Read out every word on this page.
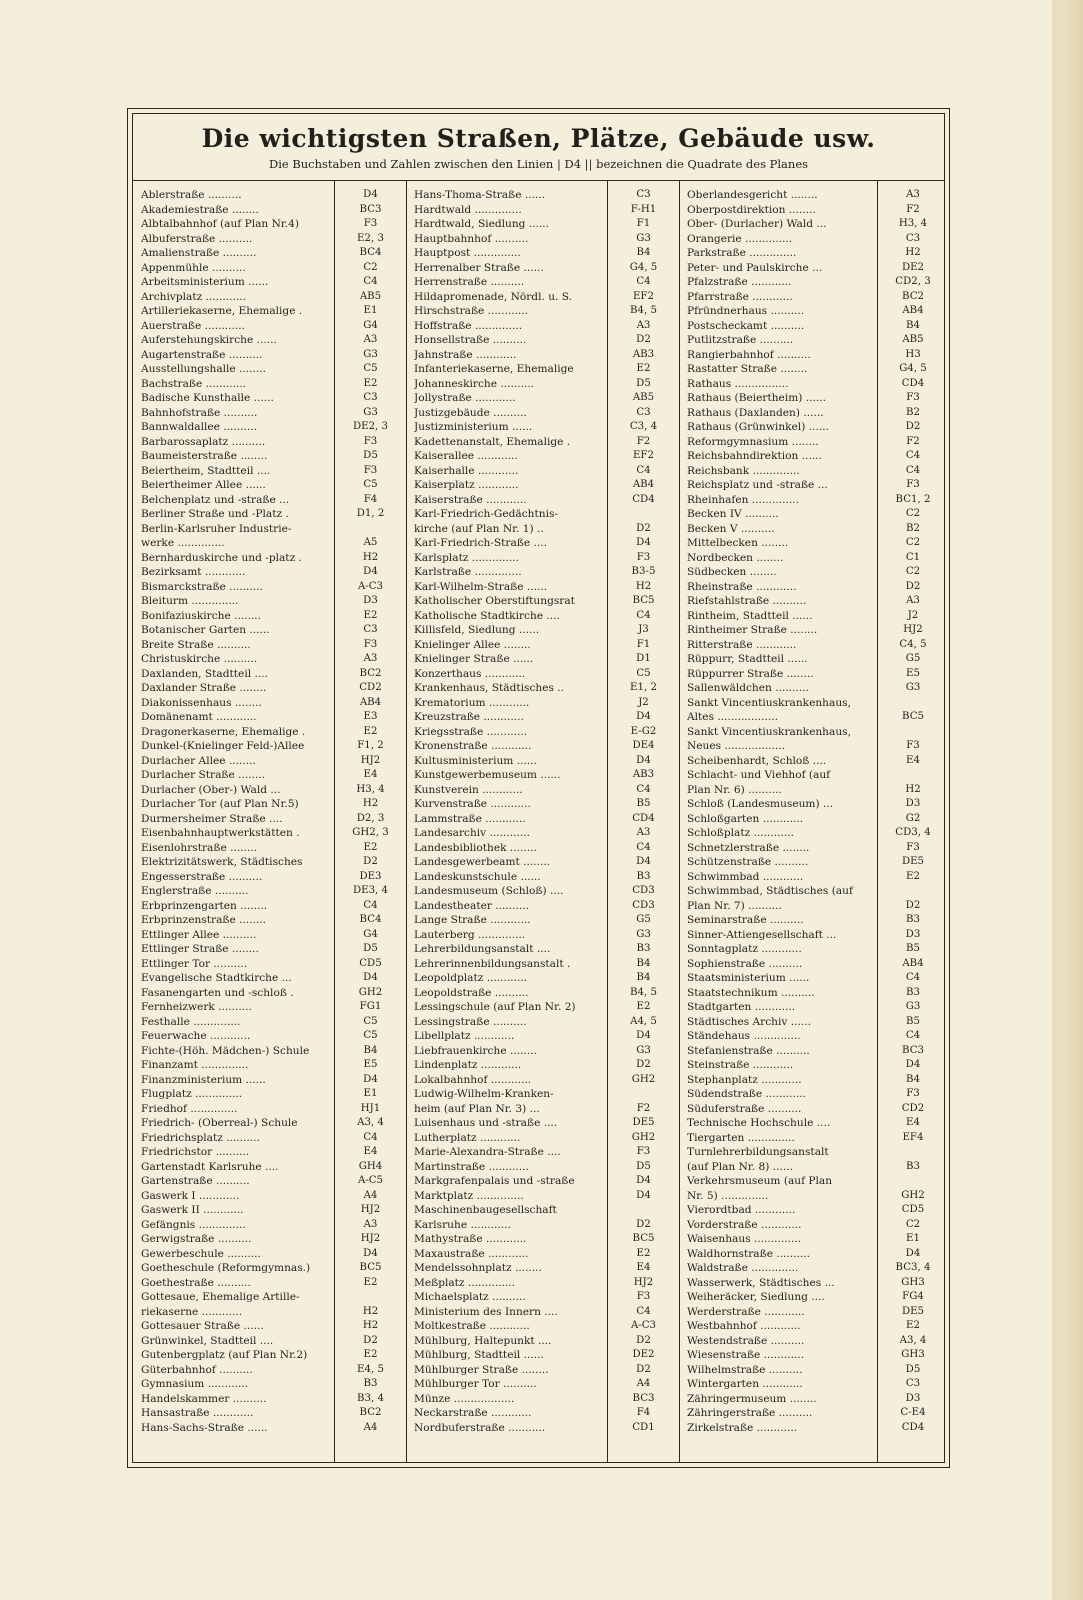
Die wichtigsten Straßen, Plätze, Gebäude usw.
Die Buchstaben und Zahlen zwischen den Linien | D4 || bezeichnen die Quadrate des Planes
Ablerstraße ..........
Akademiestraße ........
Albtalbahnhof (auf Plan Nr.4)
Albuferstraße ..........
Amalienstraße ..........
Appenmühle ..........
Arbeitsministerium ......
Archivplatz ............
Artilleriekaserne, Ehemalige .
Auerstraße ............
Auferstehungskirche ......
Augartenstraße ..........
Ausstellungshalle ........
Bachstraße ............
Badische Kunsthalle ......
Bahnhofstraße ..........
Bannwaldallee ..........
Barbarossaplatz ..........
Baumeisterstraße ........
Beiertheim, Stadtteil ....
Beiertheimer Allee ......
Belchenplatz und -straße ...
Berliner Straße und -Platz .
Berlin-Karlsruher Industrie-
werke ..............
Bernharduskirche und -platz .
Bezirksamt ............
Bismarckstraße ..........
Bleiturm ..............
Bonifaziuskirche ........
Botanischer Garten ......
Breite Straße ..........
Christuskirche ..........
Daxlanden, Stadtteil ....
Daxlander Straße ........
Diakonissenhaus ........
Domänenamt ............
Dragonerkaserne, Ehemalige .
Dunkel-(Knielinger Feld-)Allee
Durlacher Allee ........
Durlacher Straße ........
Durlacher (Ober-) Wald ...
Durlacher Tor (auf Plan Nr.5)
Durmersheimer Straße ....
Eisenbahnhauptwerkstätten .
Eisenlohrstraße ........
Elektrizitätswerk, Städtisches
Engesserstraße ..........
Englerstraße ..........
Erbprinzengarten ........
Erbprinzenstraße ........
Ettlinger Allee ..........
Ettlinger Straße ........
Ettlinger Tor ..........
Evangelische Stadtkirche ...
Fasanengarten und -schloß .
Fernheizwerk ..........
Festhalle ..............
Feuerwache ............
Fichte-(Höh. Mädchen-) Schule
Finanzamt ..............
Finanzministerium ......
Flugplatz ..............
Friedhof ..............
Friedrich- (Oberreal-) Schule
Friedrichsplatz ..........
Friedrichstor ..........
Gartenstadt Karlsruhe ....
Gartenstraße ..........
Gaswerk I ............
Gaswerk II ............
Gefängnis ..............
Gerwigstraße ..........
Gewerbeschule ..........
Goetheschule (Reformgymnas.)
Goethestraße ..........
Gottesaue, Ehemalige Artille-
riekaserne ............
Gottesauer Straße ......
Grünwinkel, Stadtteil ....
Gutenbergplatz (auf Plan Nr.2)
Güterbahnhof ..........
Gymnasium ............
Handelskammer ..........
Hansastraße ............
Hans-Sachs-Straße ......
D4
BC3
F3
E2, 3
BC4
C2
C4
AB5
E1
G4
A3
G3
C5
E2
C3
G3
DE2, 3
F3
D5
F3
C5
F4
D1, 2
A5
H2
D4
A-C3
D3
E2
C3
F3
A3
BC2
CD2
AB4
E3
E2
F1, 2
HJ2
E4
H3, 4
H2
D2, 3
GH2, 3
E2
D2
DE3
DE3, 4
C4
BC4
G4
D5
CD5
D4
GH2
FG1
C5
C5
B4
E5
D4
E1
HJ1
A3, 4
C4
E4
GH4
A-C5
A4
HJ2
A3
HJ2
D4
BC5
E2
H2
H2
D2
E2
E4, 5
B3
B3, 4
BC2
A4
Hans-Thoma-Straße ......
Hardtwald ..............
Hardtwald, Siedlung ......
Hauptbahnhof ..........
Hauptpost ..............
Herrenalber Straße ......
Herrenstraße ..........
Hildapromenade, Nördl. u. S.
Hirschstraße ............
Hoffstraße ..............
Honsellstraße ..........
Jahnstraße ............
Infanteriekaserne, Ehemalige
Johanneskirche ..........
Jollystraße ............
Justizgebäude ..........
Justizministerium ......
Kadettenanstalt, Ehemalige .
Kaiserallee ............
Kaiserhalle ............
Kaiserplatz ............
Kaiserstraße ............
Karl-Friedrich-Gedächtnis-
kirche (auf Plan Nr. 1) ..
Karl-Friedrich-Straße ....
Karlsplatz ..............
Karlstraße ..............
Karl-Wilhelm-Straße ......
Katholischer Oberstiftungsrat
Katholische Stadtkirche ....
Killisfeld, Siedlung ......
Knielinger Allee ........
Knielinger Straße ......
Konzerthaus ............
Krankenhaus, Städtisches ..
Krematorium ............
Kreuzstraße ............
Kriegsstraße ............
Kronenstraße ............
Kultusministerium ......
Kunstgewerbemuseum ......
Kunstverein ............
Kurvenstraße ............
Lammstraße ............
Landesarchiv ............
Landesbibliothek ........
Landesgewerbeamt ........
Landeskunstschule ......
Landesmuseum (Schloß) ....
Landestheater ..........
Lange Straße ............
Lauterberg ..............
Lehrerbildungsanstalt ....
Lehrerinnenbildungsanstalt .
Leopoldplatz ............
Leopoldstraße ..........
Lessingschule (auf Plan Nr. 2)
Lessingstraße ..........
Libellplatz ............
Liebfrauenkirche ........
Lindenplatz ............
Lokalbahnhof ............
Ludwig-Wilhelm-Kranken-
heim (auf Plan Nr. 3) ...
Luisenhaus und -straße ....
Lutherplatz ............
Marie-Alexandra-Straße ....
Martinstraße ............
Markgrafenpalais und -straße
Marktplatz ..............
Maschinenbaugesellschaft
Karlsruhe ............
Mathystraße ............
Maxaustraße ............
Mendelssohnplatz ........
Meßplatz ..............
Michaelsplatz ..........
Ministerium des Innern ....
Moltkestraße ............
Mühlburg, Haltepunkt ....
Mühlburg, Stadtteil ......
Mühlburger Straße ........
Mühlburger Tor ..........
Münze ..................
Neckarstraße ............
Nordbuferstraße ...........
C3
F-H1
F1
G3
B4
G4, 5
C4
EF2
B4, 5
A3
D2
AB3
E2
D5
AB5
C3
C3, 4
F2
EF2
C4
AB4
CD4
D2
D4
F3
B3-5
H2
BC5
C4
J3
F1
D1
C5
E1, 2
J2
D4
E-G2
DE4
D4
AB3
C4
B5
CD4
A3
C4
D4
B3
CD3
CD3
G5
G3
B3
B4
B4
B4, 5
E2
A4, 5
D4
G3
D2
GH2
F2
DE5
GH2
F3
D5
D4
D4
D2
BC5
E2
E4
HJ2
F3
C4
A-C3
D2
DE2
D2
A4
BC3
F4
CD1
Oberlandesgericht ........
Oberpostdirektion ........
Ober- (Durlacher) Wald ...
Orangerie ..............
Parkstraße ..............
Peter- und Paulskirche ...
Pfalzstraße ............
Pfarrstraße ............
Pfründnerhaus ..........
Postscheckamt ..........
Putlitzstraße ..........
Rangierbahnhof ..........
Rastatter Straße ........
Rathaus ................
Rathaus (Beiertheim) ......
Rathaus (Daxlanden) ......
Rathaus (Grünwinkel) ......
Reformgymnasium ........
Reichsbahndirektion ......
Reichsbank ..............
Reichsplatz und -straße ...
Rheinhafen ..............
Becken IV ..........
Becken V ..........
Mittelbecken ........
Nordbecken ........
Südbecken ........
Rheinstraße ............
Riefstahlstraße ..........
Rintheim, Stadtteil ......
Rintheimer Straße ........
Ritterstraße ............
Rüppurr, Stadtteil ......
Rüppurrer Straße ........
Sallenwäldchen ..........
Sankt Vincentiuskrankenhaus,
Altes ..................
Sankt Vincentiuskrankenhaus,
Neues ..................
Scheibenhardt, Schloß ....
Schlacht- und Viehhof (auf
Plan Nr. 6) ..........
Schloß (Landesmuseum) ...
Schloßgarten ............
Schloßplatz ............
Schnetzlerstraße ........
Schützenstraße ..........
Schwimmbad ............
Schwimmbad, Städtisches (auf
Plan Nr. 7) ..........
Seminarstraße ..........
Sinner-Attiengesellschaft ...
Sonntagplatz ............
Sophienstraße ..........
Staatsministerium ......
Staatstechnikum ..........
Stadtgarten ............
Städtisches Archiv ......
Ständehaus ..............
Stefanienstraße ..........
Steinstraße ............
Stephanplatz ............
Südendstraße ............
Süduferstraße ..........
Technische Hochschule ....
Tiergarten ..............
Turnlehrerbildungsanstalt
(auf Plan Nr. 8) ......
Verkehrsmuseum (auf Plan
Nr. 5) ..............
Vierordtbad ............
Vorderstraße ............
Waisenhaus ..............
Waldhornstraße ..........
Waldstraße ..............
Wasserwerk, Städtisches ...
Weiheräcker, Siedlung ....
Werderstraße ............
Westbahnhof ............
Westendstraße ..........
Wiesenstraße ............
Wilhelmstraße ..........
Wintergarten ............
Zähringermuseum ........
Zähringerstraße ..........
Zirkelstraße ............
A3
F2
H3, 4
C3
H2
DE2
CD2, 3
BC2
AB4
B4
AB5
H3
G4, 5
CD4
F3
B2
D2
F2
C4
C4
F3
BC1, 2
C2
B2
C2
C1
C2
D2
A3
J2
HJ2
C4, 5
G5
E5
G3
BC5
F3
E4
H2
D3
G2
CD3, 4
F3
DE5
E2
D2
B3
D3
B5
AB4
C4
B3
G3
B5
C4
BC3
D4
B4
F3
CD2
E4
EF4
B3
GH2
CD5
C2
E1
D4
BC3, 4
GH3
FG4
DE5
E2
A3, 4
GH3
D5
C3
D3
C-E4
CD4
